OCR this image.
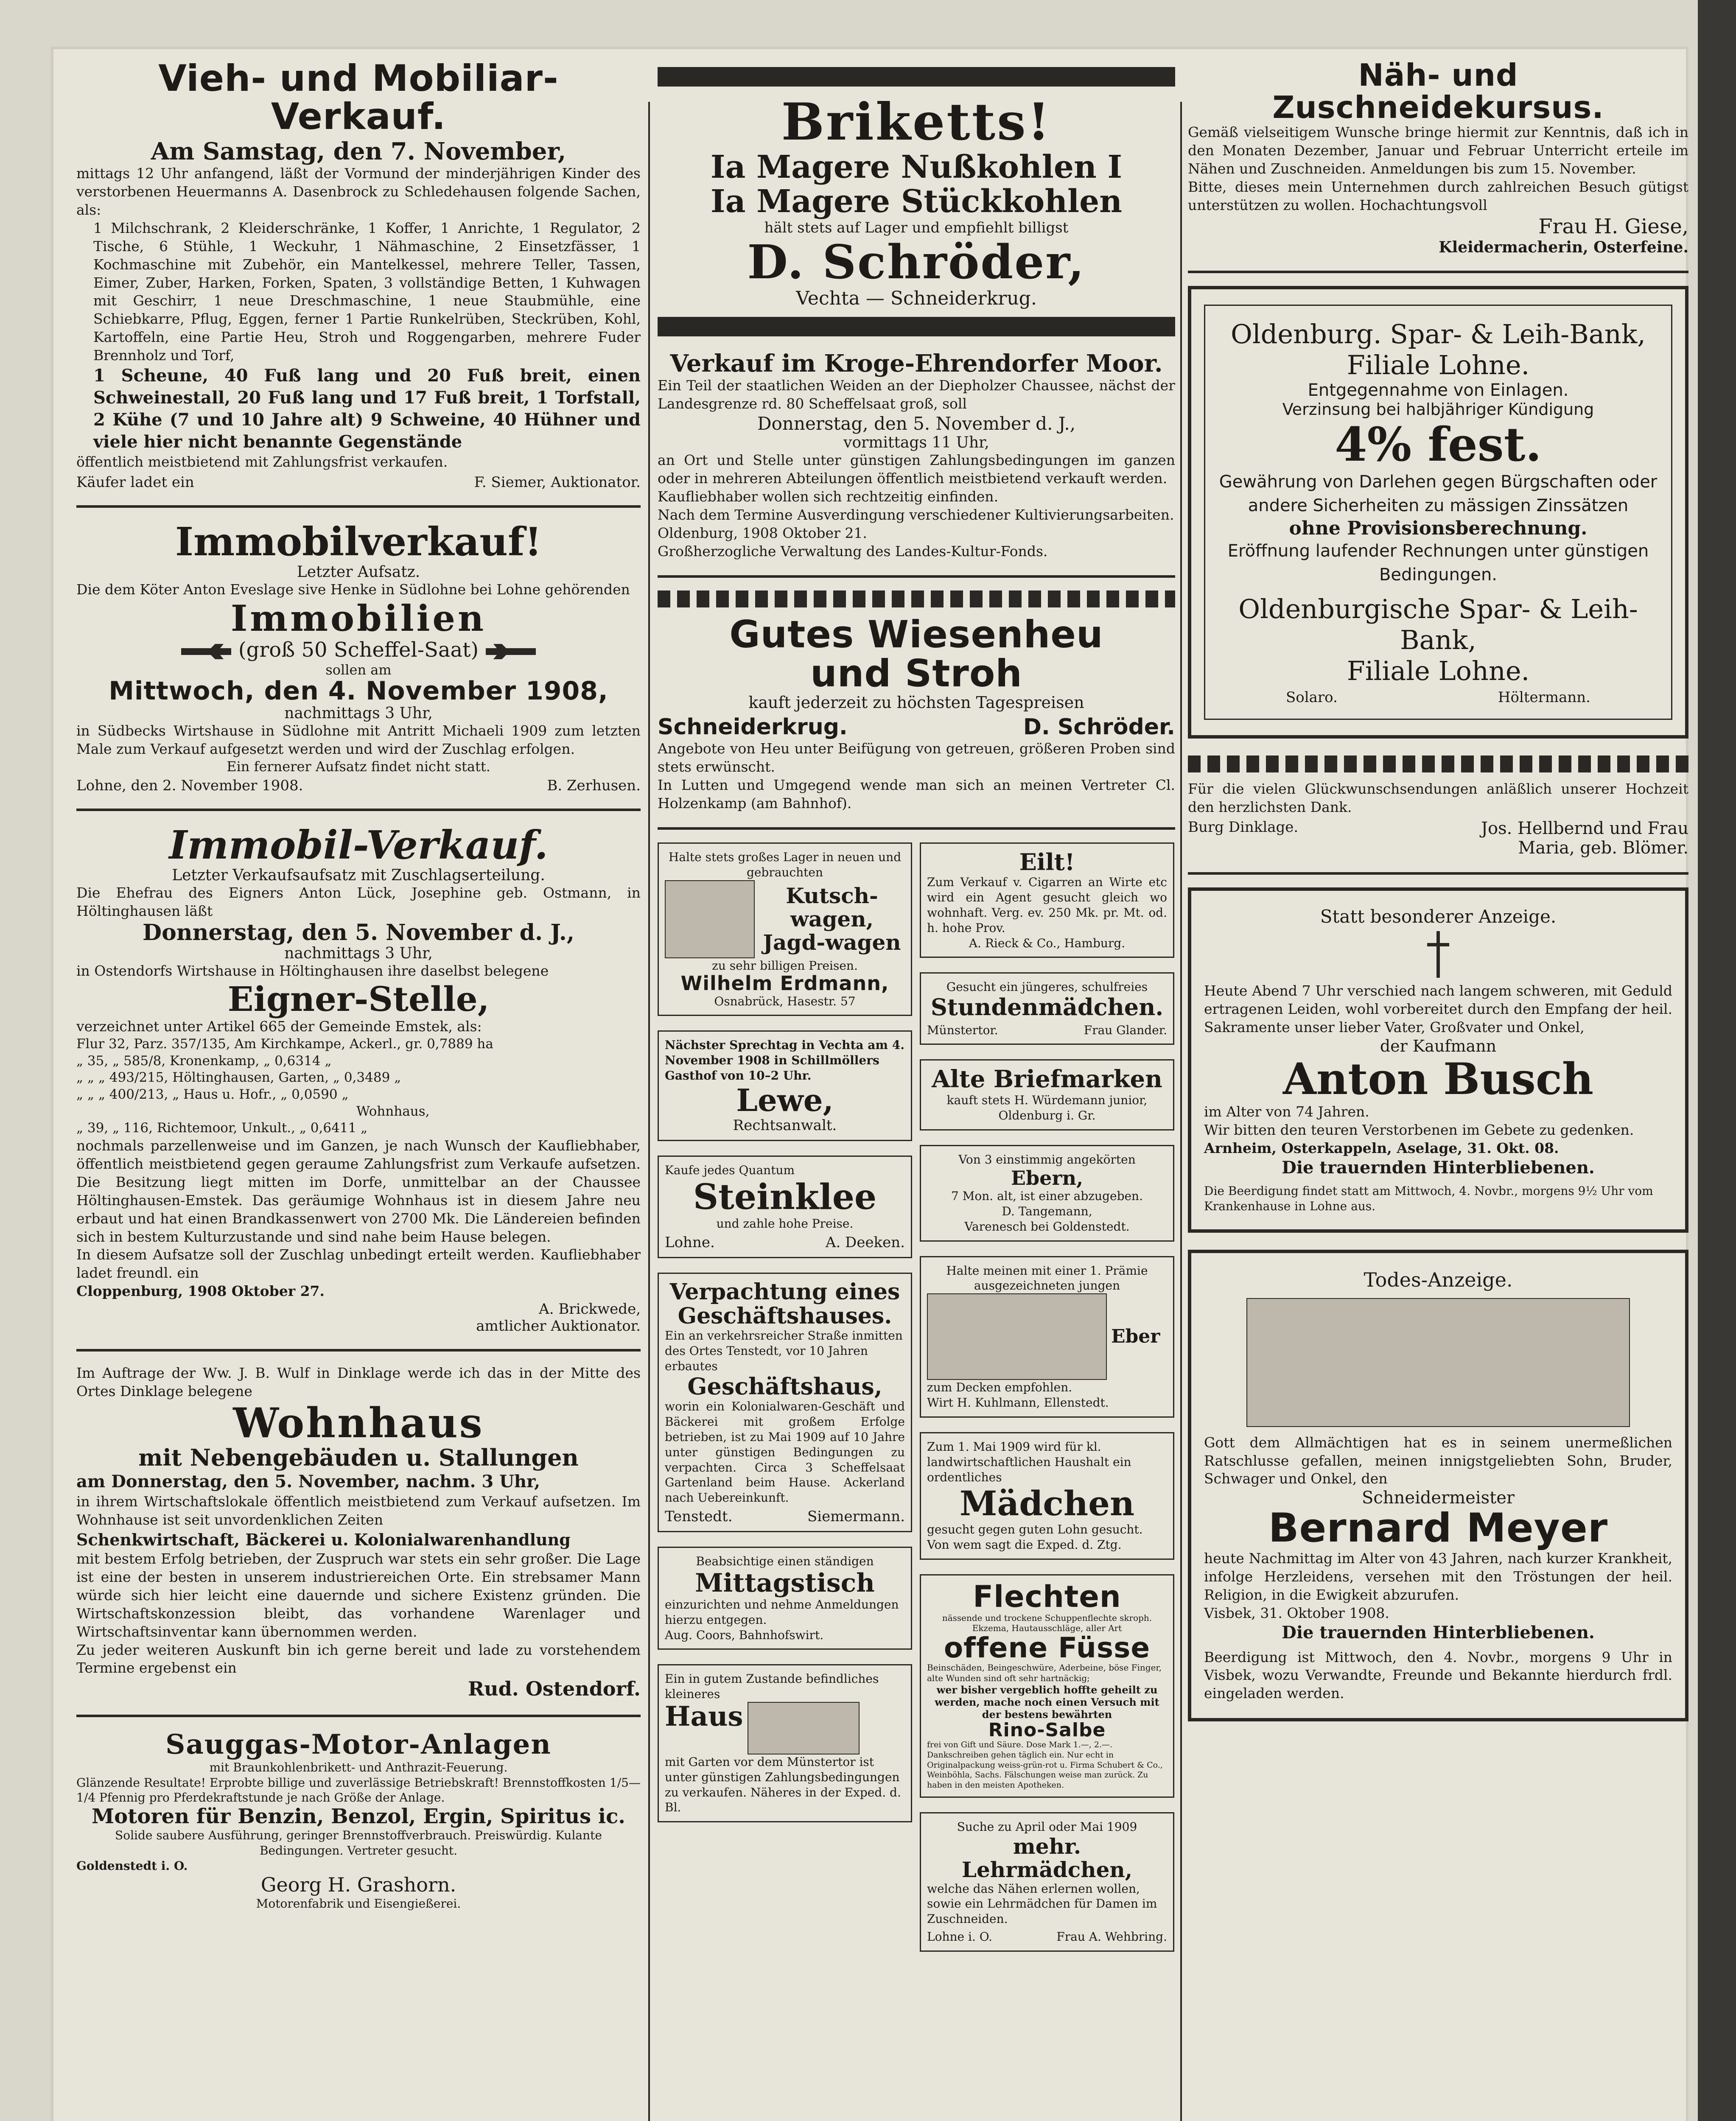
Vieh- und Mobiliar-Verkauf.
Am Samstag, den 7. November,
mittags 12 Uhr anfangend, läßt der Vormund der minderjährigen Kinder des verstorbenen Heuermanns A. Dasenbrock zu Schledehausen folgende Sachen, als:
1 Milchschrank, 2 Kleiderschränke, 1 Koffer, 1 Anrichte, 1 Regulator, 2 Tische, 6 Stühle, 1 Weckuhr, 1 Nähmaschine, 2 Einsetzfässer, 1 Kochmaschine mit Zubehör, ein Mantelkessel, mehrere Teller, Tassen, Eimer, Zuber, Harken, Forken, Spaten, 3 vollständige Betten, 1 Kuhwagen mit Geschirr, 1 neue Dreschmaschine, 1 neue Staubmühle, eine Schiebkarre, Pflug, Eggen, ferner 1 Partie Runkelrüben, Steckrüben, Kohl, Kartoffeln, eine Partie Heu, Stroh und Roggengarben, mehrere Fuder Brennholz und Torf,
1 Scheune, 40 Fuß lang und 20 Fuß breit, einen Schweinestall, 20 Fuß lang und 17 Fuß breit, 1 Torfstall, 2 Kühe (7 und 10 Jahre alt) 9 Schweine, 40 Hühner und viele hier nicht benannte Gegenstände
öffentlich meistbietend mit Zahlungsfrist verkaufen.
Käufer ladet ein	F. Siemer, Auktionator.
Immobilverkauf!
Letzter Aufsatz.
Die dem Köter Anton Eveslage sive Henke in Südlohne bei Lohne gehörenden
Immobilien
(groß 50 Scheffel-Saat)
sollen am
Mittwoch, den 4. November 1908,
nachmittags 3 Uhr,
in Südbecks Wirtshause in Südlohne mit Antritt Michaeli 1909 zum letzten Male zum Verkauf aufgesetzt werden und wird der Zuschlag erfolgen.
Ein fernerer Aufsatz findet nicht statt.
Lohne, den 2. November 1908.	B. Zerhusen.
Immobil-Verkauf.
Letzter Verkaufsaufsatz mit Zuschlagserteilung.
Die Ehefrau des Eigners Anton Lück, Josephine geb. Ostmann, in Höltinghausen läßt
Donnerstag, den 5. November d. J.,
nachmittags 3 Uhr,
in Ostendorfs Wirtshause in Höltinghausen ihre daselbst belegene
Eigner-Stelle,
verzeichnet unter Artikel 665 der Gemeinde Emstek, als:
Flur 32, Parz. 357/135, Am Kirchkampe, Ackerl., gr. 0,7889 ha
„ 35, „ 585/8, Kronenkamp, „ 0,6314 „
„ „ „ 493/215, Höltinghausen, Garten, „ 0,3489 „
„ „ „ 400/213, „ Haus u. Hofr., „ 0,0590 „
Wohnhaus,
„ 39, „ 116, Richtemoor, Unkult., „ 0,6411 „
nochmals parzellenweise und im Ganzen, je nach Wunsch der Kaufliebhaber, öffentlich meistbietend gegen geraume Zahlungsfrist zum Verkaufe aufsetzen. Die Besitzung liegt mitten im Dorfe, unmittelbar an der Chaussee Höltinghausen-Emstek. Das geräumige Wohnhaus ist in diesem Jahre neu erbaut und hat einen Brandkassenwert von 2700 Mk. Die Ländereien befinden sich in bestem Kulturzustande und sind nahe beim Hause belegen.
In diesem Aufsatze soll der Zuschlag unbedingt erteilt werden. Kaufliebhaber ladet freundl. ein
Cloppenburg, 1908 Oktober 27.
A. Brickwede,
amtlicher Auktionator.
Im Auftrage der Ww. J. B. Wulf in Dinklage werde ich das in der Mitte des Ortes Dinklage belegene
Wohnhaus
mit Nebengebäuden u. Stallungen
am Donnerstag, den 5. November, nachm. 3 Uhr,
in ihrem Wirtschaftslokale öffentlich meistbietend zum Verkauf aufsetzen. Im Wohnhause ist seit unvordenklichen Zeiten
Schenkwirtschaft, Bäckerei u. Kolonialwarenhandlung
mit bestem Erfolg betrieben, der Zuspruch war stets ein sehr großer. Die Lage ist eine der besten in unserem industriereichen Orte. Ein strebsamer Mann würde sich hier leicht eine dauernde und sichere Existenz gründen. Die Wirtschaftskonzession bleibt, das vorhandene Warenlager und Wirtschaftsinventar kann übernommen werden.
Zu jeder weiteren Auskunft bin ich gerne bereit und lade zu vorstehendem Termine ergebenst ein
Rud. Ostendorf.
Sauggas-Motor-Anlagen
mit Braunkohlenbrikett- und Anthrazit-Feuerung.
Glänzende Resultate! Erprobte billige und zuverlässige Betriebskraft! Brennstoffkosten 1/5—1/4 Pfennig pro Pferdekraftstunde je nach Größe der Anlage.
Motoren für Benzin, Benzol, Ergin, Spiritus ic.
Solide saubere Ausführung, geringer Brennstoffverbrauch. Preiswürdig. Kulante Bedingungen. Vertreter gesucht.
Goldenstedt i. O.
Georg H. Grashorn.
Motorenfabrik und Eisengießerei.
Briketts!
Ia Magere Nußkohlen I
Ia Magere Stückkohlen
hält stets auf Lager und empfiehlt billigst
D. Schröder,
Vechta — Schneiderkrug.
Verkauf im Kroge-Ehrendorfer Moor.
Ein Teil der staatlichen Weiden an der Diepholzer Chaussee, nächst der Landesgrenze rd. 80 Scheffelsaat groß, soll
Donnerstag, den 5. November d. J.,
vormittags 11 Uhr,
an Ort und Stelle unter günstigen Zahlungsbedingungen im ganzen oder in mehreren Abteilungen öffentlich meistbietend verkauft werden.
Kaufliebhaber wollen sich rechtzeitig einfinden.
Nach dem Termine Ausverdingung verschiedener Kultivierungsarbeiten.
Oldenburg, 1908 Oktober 21.
Großherzogliche Verwaltung des Landes-Kultur-Fonds.
Gutes Wiesenheu
und Stroh
kauft jederzeit zu höchsten Tagespreisen
Schneiderkrug.	D. Schröder.
Angebote von Heu unter Beifügung von getreuen, größeren Proben sind stets erwünscht.
In Lutten und Umgegend wende man sich an meinen Vertreter Cl. Holzenkamp (am Bahnhof).
Halte stets großes Lager in neuen und gebrauchten
Kutsch-wagen,
Jagd-wagen
zu sehr billigen Preisen.
Wilhelm Erdmann,
Osnabrück, Hasestr. 57
Nächster Sprechtag in Vechta am 4. November 1908 in Schillmöllers Gasthof von 10–2 Uhr.
Lewe,
Rechtsanwalt.
Kaufe jedes Quantum
Steinklee
und zahle hohe Preise.
Lohne.	A. Deeken.
Verpachtung eines Geschäftshauses.
Ein an verkehrsreicher Straße inmitten des Ortes Tenstedt, vor 10 Jahren erbautes
Geschäftshaus,
worin ein Kolonialwaren-Geschäft und Bäckerei mit großem Erfolge betrieben, ist zu Mai 1909 auf 10 Jahre unter günstigen Bedingungen zu verpachten. Circa 3 Scheffelsaat Gartenland beim Hause. Ackerland nach Uebereinkunft.
Tenstedt.	Siemermann.
Beabsichtige einen ständigen
Mittagstisch
einzurichten und nehme Anmeldungen hierzu entgegen.
Aug. Coors, Bahnhofswirt.
Ein in gutem Zustande befindliches kleineres
Haus
mit Garten vor dem Münstertor ist unter günstigen Zahlungsbedingungen zu verkaufen. Näheres in der Exped. d. Bl.
Eilt!
Zum Verkauf v. Cigarren an Wirte etc wird ein Agent gesucht gleich wo wohnhaft. Verg. ev. 250 Mk. pr. Mt. od. h. hohe Prov.
A. Rieck & Co., Hamburg.
Gesucht ein jüngeres, schulfreies
Stundenmädchen.
Münstertor.	Frau Glander.
Alte Briefmarken
kauft stets H. Würdemann junior, Oldenburg i. Gr.
Von 3 einstimmig angekörten
Ebern,
7 Mon. alt, ist einer abzugeben.
D. Tangemann,
Varenesch bei Goldenstedt.
Halte meinen mit einer 1. Prämie ausgezeichneten jungen
Eber
zum Decken empfohlen.
Wirt H. Kuhlmann, Ellenstedt.
Zum 1. Mai 1909 wird für kl. landwirtschaftlichen Haushalt ein ordentliches
Mädchen
gesucht gegen guten Lohn gesucht. Von wem sagt die Exped. d. Ztg.
Flechten
nässende und trockene Schuppenflechte skroph. Ekzema, Hautausschläge, aller Art
offene Füsse
Beinschäden, Beingeschwüre, Aderbeine, böse Finger, alte Wunden sind oft sehr hartnäckig;
wer bisher vergeblich hoffte geheilt zu werden, mache noch einen Versuch mit der bestens bewährten
Rino-Salbe
frei von Gift und Säure. Dose Mark 1.—, 2.—. Dankschreiben gehen täglich ein. Nur echt in Originalpackung weiss-grün-rot u. Firma Schubert & Co., Weinböhla, Sachs. Fälschungen weise man zurück. Zu haben in den meisten Apotheken.
Suche zu April oder Mai 1909
mehr. Lehrmädchen,
welche das Nähen erlernen wollen, sowie ein Lehrmädchen für Damen im Zuschneiden.
Lohne i. O.	Frau A. Wehbring.
Näh- und Zuschneidekursus.
Gemäß vielseitigem Wunsche bringe hiermit zur Kenntnis, daß ich in den Monaten Dezember, Januar und Februar Unterricht erteile im Nähen und Zuschneiden. Anmeldungen bis zum 15. November.
Bitte, dieses mein Unternehmen durch zahlreichen Besuch gütigst unterstützen zu wollen. Hochachtungsvoll
Frau H. Giese,
Kleidermacherin, Osterfeine.
Oldenburg. Spar- & Leih-Bank,
Filiale Lohne.
Entgegennahme von Einlagen.
Verzinsung bei halbjähriger Kündigung
4% fest.
Gewährung von Darlehen gegen Bürgschaften oder andere Sicherheiten zu mässigen Zinssätzen
ohne Provisionsberechnung.
Eröffnung laufender Rechnungen unter günstigen Bedingungen.
Oldenburgische Spar- & Leih-Bank,
Filiale Lohne.
Solaro.	Höltermann.
Für die vielen Glückwunschsendungen anläßlich unserer Hochzeit den herzlichsten Dank.
Burg Dinklage.	Jos. Hellbernd und Frau
Maria, geb. Blömer.
Statt besonderer Anzeige.
Heute Abend 7 Uhr verschied nach langem schweren, mit Geduld ertragenen Leiden, wohl vorbereitet durch den Empfang der heil. Sakramente unser lieber Vater, Großvater und Onkel,
der Kaufmann
Anton Busch
im Alter von 74 Jahren.
Wir bitten den teuren Verstorbenen im Gebete zu gedenken.
Arnheim, Osterkappeln, Aselage, 31. Okt. 08.
Die trauernden Hinterbliebenen.
Die Beerdigung findet statt am Mittwoch, 4. Novbr., morgens 9½ Uhr vom Krankenhause in Lohne aus.
Todes-Anzeige.
Gott dem Allmächtigen hat es in seinem unermeßlichen Ratschlusse gefallen, meinen innigstgeliebten Sohn, Bruder, Schwager und Onkel, den
Schneidermeister
Bernard Meyer
heute Nachmittag im Alter von 43 Jahren, nach kurzer Krankheit, infolge Herzleidens, versehen mit den Tröstungen der heil. Religion, in die Ewigkeit abzurufen.
Visbek, 31. Oktober 1908.
Die trauernden Hinterbliebenen.
Beerdigung ist Mittwoch, den 4. Novbr., morgens 9 Uhr in Visbek, wozu Verwandte, Freunde und Bekannte hierdurch frdl. eingeladen werden.
